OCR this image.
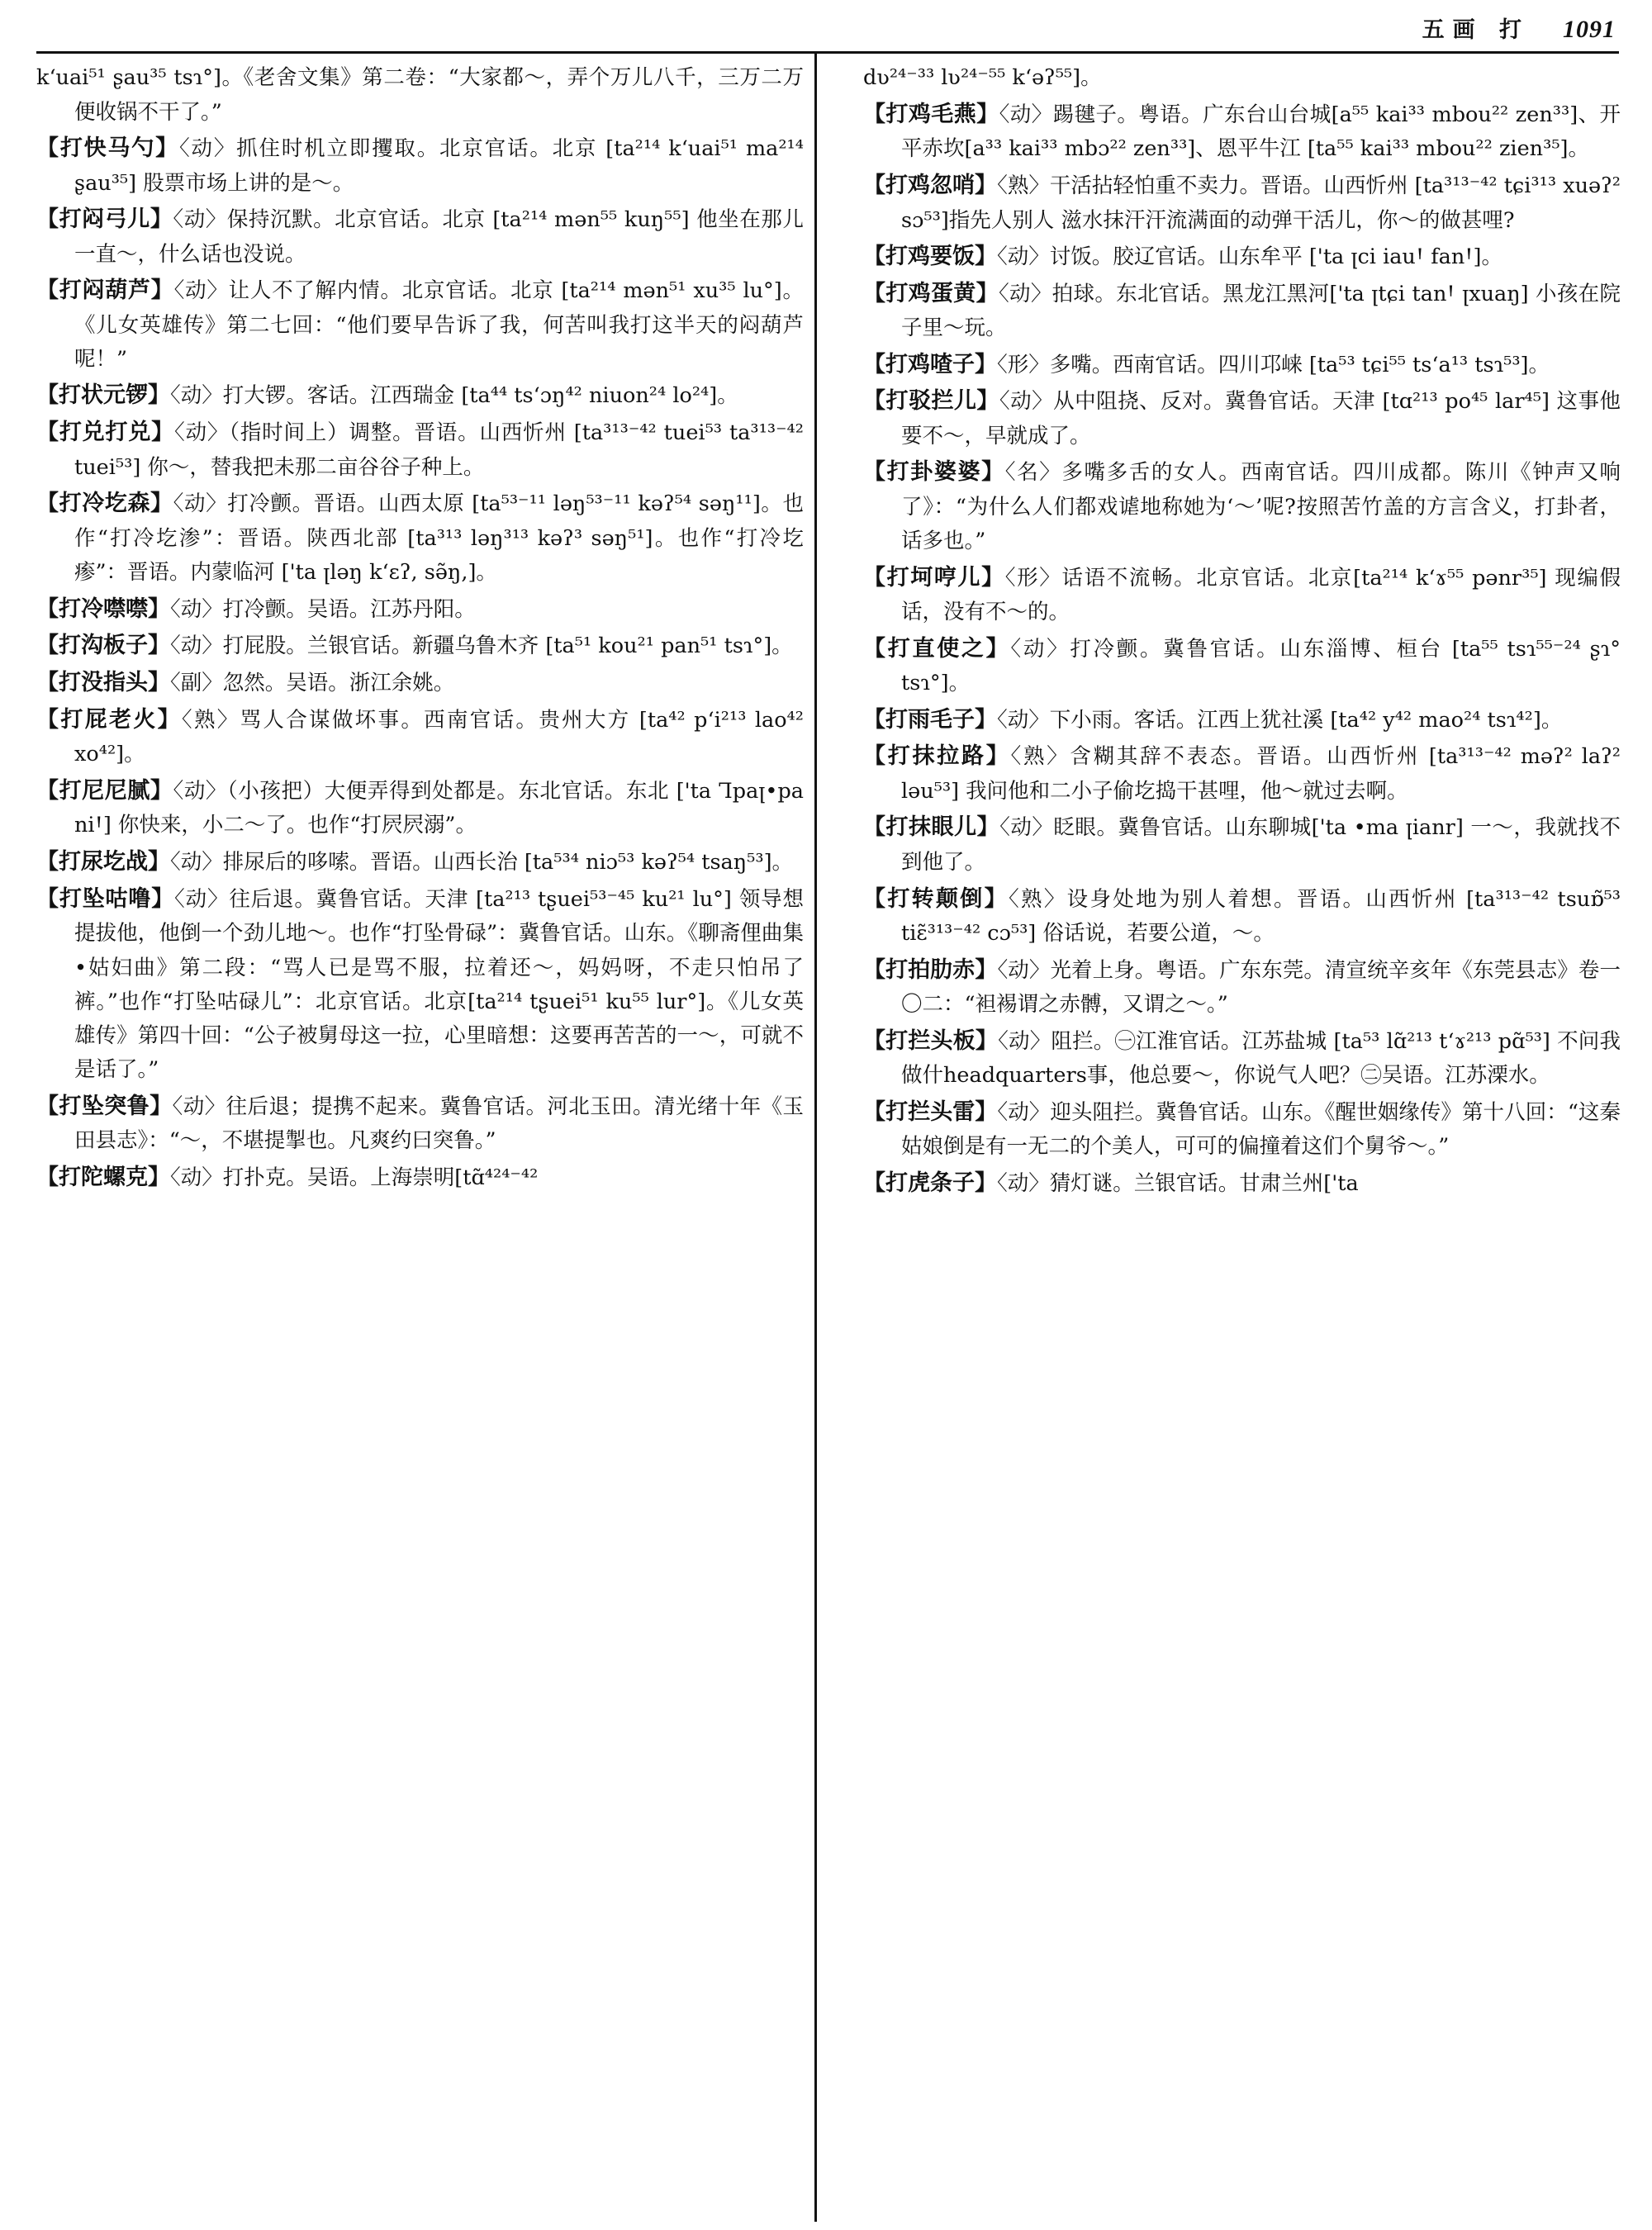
五画 打 1091

k‘uai⁵¹ ʂau³⁵ tsɿ°]。《老舍文集》第二卷：“大家都～，弄个万儿八千，三万二万便收锅不干了。”

【打快马勺】〈动〉抓住时机立即攫取。北京官话。北京 [ta²¹⁴ k‘uai⁵¹ ma²¹⁴ ʂau³⁵] 股票市场上讲的是～。

【打闷弓儿】〈动〉保持沉默。北京官话。北京 [ta²¹⁴ mən⁵⁵ kuŋ⁵⁵] 他坐在那儿一直～，什么话也没说。

【打闷葫芦】〈动〉让人不了解内情。北京官话。北京 [ta²¹⁴ mən⁵¹ xu³⁵ lu°]。《儿女英雄传》第二七回：“他们要早告诉了我，何苦叫我打这半天的闷葫芦呢！”

【打状元锣】〈动〉打大锣。客话。江西瑞金 [ta⁴⁴ ts‘ɔŋ⁴² niuon²⁴ lo²⁴]。

【打兑打兑】〈动〉（指时间上）调整。晋语。山西忻州 [ta³¹³⁻⁴² tuei⁵³ ta³¹³⁻⁴² tuei⁵³] 你～，替我把未那二亩谷谷子种上。

【打冷圪森】〈动〉打冷颤。晋语。山西太原 [ta⁵³⁻¹¹ ləŋ⁵³⁻¹¹ kəʔ⁵⁴ səŋ¹¹]。也作“打冷圪渗”：晋语。陕西北部 [ta³¹³ ləŋ³¹³ kəʔ³ səŋ⁵¹]。也作“打冷圪瘆”：晋语。内蒙临河 [ꞌta ꞁləŋ k‘ɛʔ, sə̃ŋ,]。

【打冷噤噤】〈动〉打冷颤。吴语。江苏丹阳。

【打沟板子】〈动〉打屁股。兰银官话。新疆乌鲁木齐 [ta⁵¹ kou²¹ pan⁵¹ tsɿ°]。

【打没指头】〈副〉忽然。吴语。浙江余姚。

【打屁老火】〈熟〉骂人合谋做坏事。西南官话。贵州大方 [ta⁴² p‘i²¹³ lao⁴² xo⁴²]。

【打尼尼腻】〈动〉（小孩把）大便弄得到处都是。东北官话。东北 [ꞌta Ꞁpaꞁ•pa niꞋ] 你快来，小二～了。也作“打屄屄溺”。

【打尿圪战】〈动〉排尿后的哆嗦。晋语。山西长治 [ta⁵³⁴ niɔ⁵³ kəʔ⁵⁴ tsaŋ⁵³]。

【打坠咕噜】〈动〉往后退。冀鲁官话。天津 [ta²¹³ tʂuei⁵³⁻⁴⁵ ku²¹ lu°] 领导想提拔他，他倒一个劲儿地～。也作“打坠骨碌”：冀鲁官话。山东。《聊斋俚曲集•姑妇曲》第二段：“骂人已是骂不服，拉着还～，妈妈呀，不走只怕吊了裤。”也作“打坠咕碌儿”：北京官话。北京[ta²¹⁴ tʂuei⁵¹ ku⁵⁵ lur°]。《儿女英雄传》第四十回：“公子被舅母这一拉，心里暗想：这要再苦苦的一～，可就不是话了。”

【打坠突鲁】〈动〉往后退；提携不起来。冀鲁官话。河北玉田。清光绪十年《玉田县志》：“～，不堪提掣也。凡爽约曰突鲁。”

【打陀螺克】〈动〉打扑克。吴语。上海崇明[tɑ̃⁴²⁴⁻⁴²

dʋ²⁴⁻³³ lʋ²⁴⁻⁵⁵ k‘əʔ⁵⁵]。

【打鸡毛燕】〈动〉踢毽子。粤语。广东台山台城[a⁵⁵ kai³³ mbou²² zen³³]、开平赤坎[a³³ kai³³ mbɔ²² zen³³]、恩平牛江 [ta⁵⁵ kai³³ mbou²² zien³⁵]。

【打鸡忽哨】〈熟〉干活拈轻怕重不卖力。晋语。山西忻州 [ta³¹³⁻⁴² tɕi³¹³ xuəʔ² sɔ⁵³]指先人别人 滋水抹汗汗流满面的动弹干活儿，你～的做甚哩?

【打鸡要饭】〈动〉讨饭。胶辽官话。山东牟平 [ꞌta ꞁci iauꞋ fanꞋ]。

【打鸡蛋黄】〈动〉拍球。东北官话。黑龙江黑河[ꞌta ꞁtɕi tanꞋ ꞁxuaŋ] 小孩在院子里～玩。

【打鸡喳子】〈形〉多嘴。西南官话。四川邛崃 [ta⁵³ tɕi⁵⁵ ts‘a¹³ tsɿ⁵³]。

【打驳拦儿】〈动〉从中阻挠、反对。冀鲁官话。天津 [tɑ²¹³ po⁴⁵ lar⁴⁵] 这事他要不～，早就成了。

【打卦婆婆】〈名〉多嘴多舌的女人。西南官话。四川成都。陈川《钟声又响了》：“为什么人们都戏谑地称她为‘～’呢?按照苦竹盖的方言含义，打卦者，话多也。”

【打坷哼儿】〈形〉话语不流畅。北京官话。北京[ta²¹⁴ k‘ɤ⁵⁵ pənr³⁵] 现编假话，没有不～的。

【打直使之】〈动〉打冷颤。冀鲁官话。山东淄博、桓台 [ta⁵⁵ tsɿ⁵⁵⁻²⁴ ʂɿ° tsɿ°]。

【打雨毛子】〈动〉下小雨。客话。江西上犹社溪 [ta⁴² y⁴² mao²⁴ tsɿ⁴²]。

【打抹拉路】〈熟〉含糊其辞不表态。晋语。山西忻州 [ta³¹³⁻⁴² məʔ² laʔ² ləu⁵³] 我问他和二小子偷圪捣干甚哩，他～就过去啊。

【打抹眼儿】〈动〉眨眼。冀鲁官话。山东聊城[ꞌta •ma ꞁianr] 一～，我就找不到他了。

【打转颠倒】〈熟〉设身处地为别人着想。晋语。山西忻州 [ta³¹³⁻⁴² tsuɒ̃⁵³ tiɛ̃³¹³⁻⁴² cɔ⁵³] 俗话说，若要公道，～。

【打拍肋赤】〈动〉光着上身。粤语。广东东莞。清宣统辛亥年《东莞县志》卷一〇二：“袒裼谓之赤髆，又谓之～。”

【打拦头板】〈动〉阻拦。㊀江淮官话。江苏盐城 [ta⁵³ lɑ̃²¹³ t‘ɤ²¹³ pɑ̃⁵³] 不问我做什headquarters事，他总要～，你说气人吧？㊁吴语。江苏溧水。

【打拦头雷】〈动〉迎头阻拦。冀鲁官话。山东。《醒世姻缘传》第十八回：“这秦姑娘倒是有一无二的个美人，可可的偏撞着这们个舅爷～。”

【打虎条子】〈动〉猜灯谜。兰银官话。甘肃兰州[ꞌta
